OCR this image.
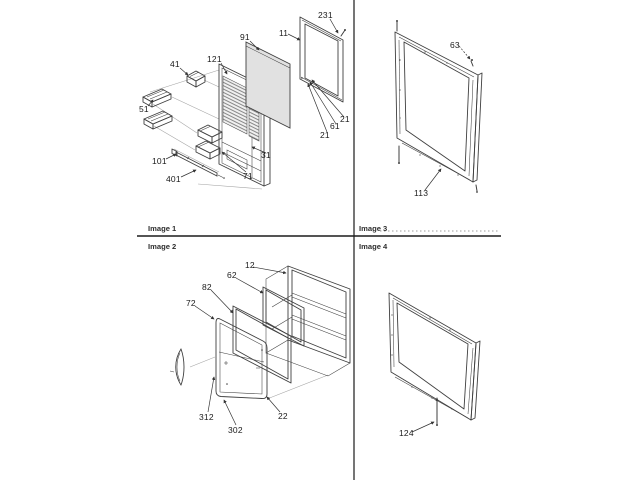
231
11
91
121
41
51
101
401	71
31
21
61
21
Image 1
63
113
Image 3
12
62
82
72
312
302
22
Image 2
124
Image 4
